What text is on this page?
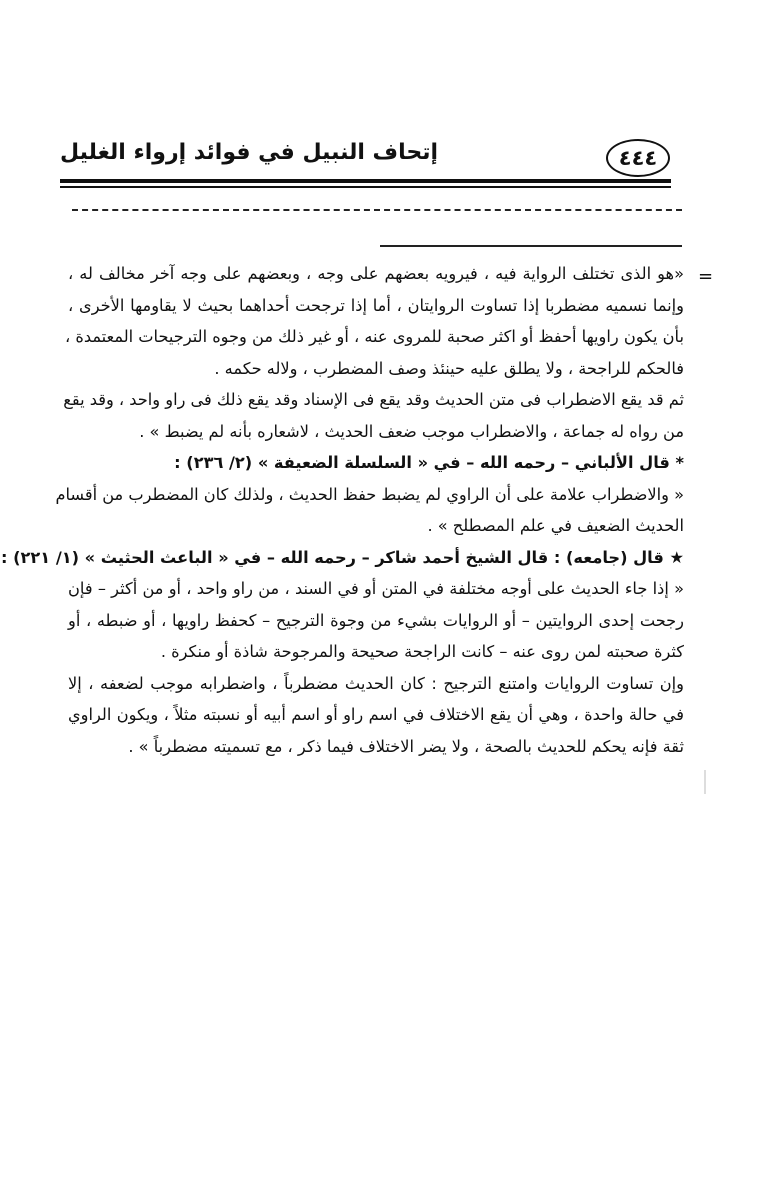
٤٤٤
إتحاف النبيل في فوائد إرواء الغليل
=
«هو الذى تختلف الرواية فيه ، فيرويه بعضهم على وجه ، وبعضهم على وجه آخر مخالف له ،
وإنما نسميه مضطربا إذا تساوت الروايتان ، أما إذا ترجحت أحداهما بحيث لا يقاومها الأخرى ،
بأن يكون راويها أحفظ أو اكثر صحبة للمروى عنه ، أو غير ذلك من وجوه الترجيحات المعتمدة ،
فالحكم للراجحة ، ولا يطلق عليه حينئذ وصف المضطرب ، ولاله حكمه .
ثم قد يقع الاضطراب فى متن الحديث وقد يقع فى الإسناد وقد يقع ذلك فى راو واحد ، وقد يقع
من رواه له جماعة ، والاضطراب موجب ضعف الحديث ، لاشعاره بأنه لم يضبط » .
* قال الألباني – رحمه الله – في « السلسلة الضعيفة » (٢/ ٢٣٦) :
« والاضطراب علامة على أن الراوي لم يضبط حفظ الحديث ، ولذلك كان المضطرب من أقسام
الحديث الضعيف في علم المصطلح » .
★ قال (جامعه) : قال الشيخ أحمد شاكر – رحمه الله – في « الباعث الحثيث » (١/ ٢٢١) :
« إذا جاء الحديث على أوجه مختلفة في المتن أو في السند ، من راو واحد ، أو من أكثر – فإن
رجحت إحدى الروايتين – أو الروايات بشيء من وجوة الترجيح – كحفظ راويها ، أو ضبطه ، أو
كثرة صحبته لمن روى عنه – كانت الراجحة صحيحة والمرجوحة شاذة أو منكرة .
وإن تساوت الروايات وامتنع الترجيح : كان الحديث مضطرباً ، واضطرابه موجب لضعفه ، إلا
في حالة واحدة ، وهي أن يقع الاختلاف في اسم راو أو اسم أبيه أو نسبته مثلاً ، ويكون الراوي
ثقة فإنه يحكم للحديث بالصحة ، ولا يضر الاختلاف فيما ذكر ، مع تسميته مضطرباً » .
